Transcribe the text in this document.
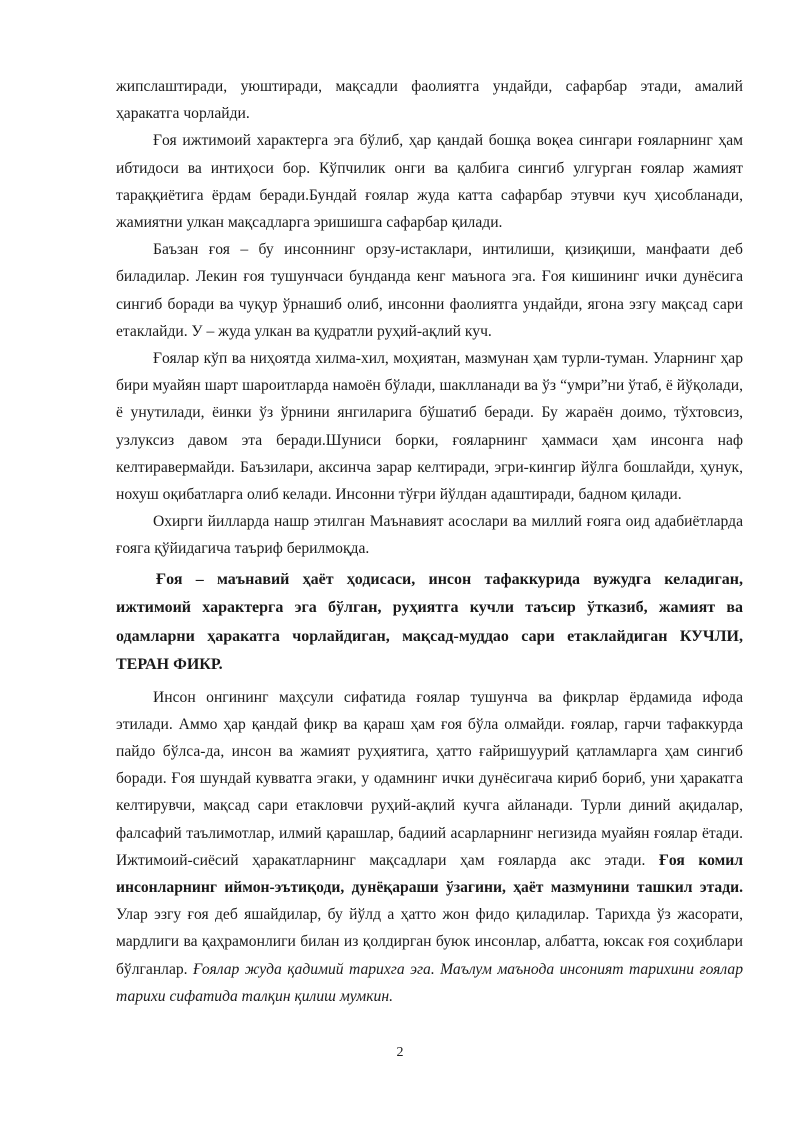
жипслаштиради, уюштиради, мақсадли фаолиятга ундайди, сафарбар этади, амалий ҳаракатга чорлайди.

Ғоя ижтимоий характерга эга бўлиб, ҳар қандай бошқа воқеа сингари ғояларнинг ҳам ибтидоси ва интиҳоси бор. Кўпчилик онги ва қалбига сингиб улгурган ғоялар жамият тараққиётига ёрдам беради.Бундай ғоялар жуда катта сафарбар этувчи куч ҳисобланади, жамиятни улкан мақсадларга эришишга сафарбар қилади.

Баъзан ғоя – бу инсоннинг орзу-истаклари, интилиши, қизиқиши, манфаати деб биладилар. Лекин ғоя тушунчаси бунданда кенг маънога эга. Ғоя кишининг ички дунёсига сингиб боради ва чуқур ўрнашиб олиб, инсонни фаолиятга ундайди, ягона эзгу мақсад сари етаклайди. У – жуда улкан ва қудратли руҳий-ақлий куч.

Ғоялар кўп ва ниҳоятда хилма-хил, моҳиятан, мазмунан ҳам турли-туман. Уларнинг ҳар бири муайян шарт шароитларда намоён бўлади, шаклланади ва ўз “умри”ни ўтаб, ё йўқолади, ё унутилади, ёинки ўз ўрнини янгиларига бўшатиб беради. Бу жараён доимо, тўхтовсиз, узлуксиз давом эта беради.Шуниси борки, ғояларнинг ҳаммаси ҳам инсонга наф келтиравермайди. Баъзилари, аксинча зарар келтиради, эгри-кингир йўлга бошлайди, ҳунук, нохуш оқибатларга олиб келади. Инсонни тўғри йўлдан адаштиради, бадном қилади.

Охирги йилларда нашр этилган Маънавият асослари ва миллий ғояга оид адабиётларда ғояга қўйидагича таъриф берилмоқда.

Ғоя – маънавий ҳаёт ҳодисаси, инсон тафаккурида вужудга келадиган, ижтимоий характерга эга бўлган, руҳиятга кучли таъсир ўтказиб, жамият ва одамларни ҳаракатга чорлайдиган, мақсад-муддао сари етаклайдиган КУЧЛИ, ТЕРАН ФИКР.

Инсон онгининг маҳсули сифатида ғоялар тушунча ва фикрлар ёрдамида ифода этилади. Аммо ҳар қандай фикр ва қараш ҳам ғоя бўла олмайди. ғоялар, гарчи тафаккурда пайдо бўлса-да, инсон ва жамият руҳиятига, ҳатто ғайришуурий қатламларга ҳам сингиб боради. Ғоя шундай кувватга эгаки, у одамнинг ички дунёсигача кириб бориб, уни ҳаракатга келтирувчи, мақсад сари етакловчи руҳий-ақлий кучга айланади. Турли диний ақидалар, фалсафий таълимотлар, илмий қарашлар, бадиий асарларнинг негизида муайян ғоялар ётади. Ижтимоий-сиёсий ҳаракатларнинг мақсадлари ҳам ғояларда акс этади. Ғоя комил инсонларнинг иймон-эътиқоди, дунёқараши ўзагини, ҳаёт мазмунини ташкил этади. Улар эзгу ғоя деб яшайдилар, бу йўлд а ҳатто жон фидо қиладилар. Тарихда ўз жасорати, мардлиги ва қаҳрамонлиги билан из қолдирган буюк инсонлар, албатта, юксак ғоя соҳиблари бўлганлар. Ғоялар жуда қадимий тарихга эга. Маълум маънода инсоният тарихини ғоялар тарихи сифатида талқин қилиш мумкин.

2
